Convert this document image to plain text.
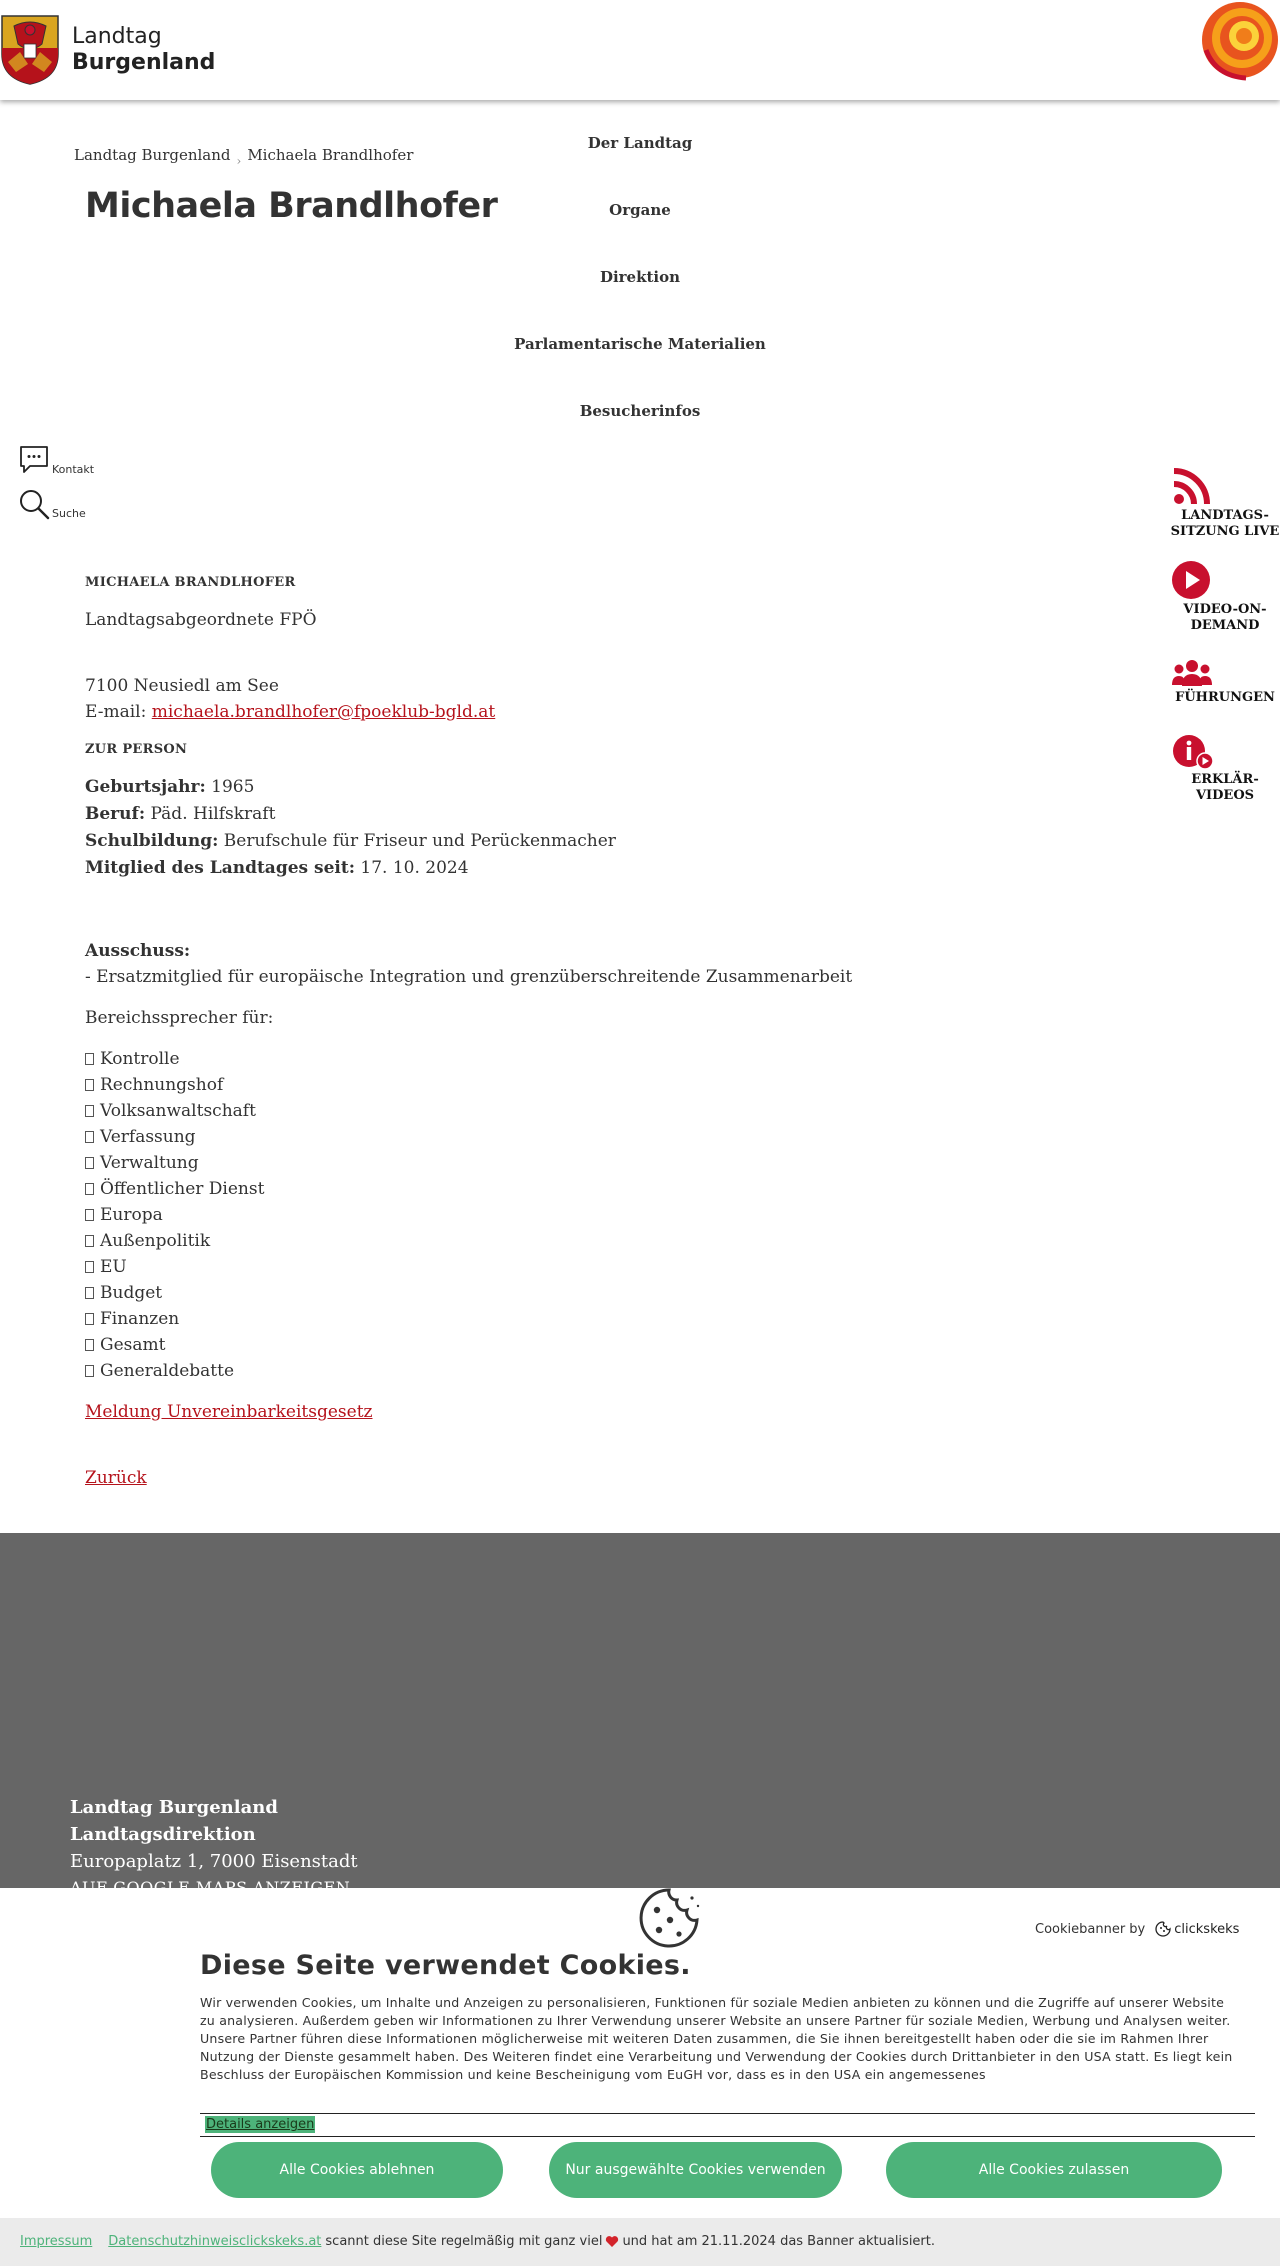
Landtag
Burgenland
Landtag Burgenland › Michaela Brandlhofer
Michaela Brandlhofer
Der Landtag
Organe
Direktion
Parlamentarische Materialien
Besucherinfos
Kontakt
Suche	LANDTAGS-
SITZUNG LIVE
VIDEO-ON-
DEMAND
FÜHRUNGEN
ERKLÄR-
VIDEOS
MICHAELA BRANDLHOFER
Landtagsabgeordnete FPÖ
7100 Neusiedl am See
E-mail: michaela.brandlhofer@fpoeklub-bgld.at
ZUR PERSON
Geburtsjahr: 1965
Beruf: Päd. Hilfskraft
Schulbildung: Berufschule für Friseur und Perückenmacher
Mitglied des Landtages seit: 17. 10. 2024
Ausschuss:
- Ersatzmitglied für europäische Integration und grenzüberschreitende Zusammenarbeit
Bereichssprecher für:
Kontrolle
Rechnungshof
Volksanwaltschaft
Verfassung
Verwaltung
Öffentlicher Dienst
Europa
Außenpolitik
EU
Budget
Finanzen
Gesamt
Generaldebatte
Meldung Unvereinbarkeitsgesetz
Zurück
Landtag Burgenland
Landtagsdirektion
Europaplatz 1, 7000 Eisenstadt
Cookiebanner by clickskeks
Diese Seite verwendet Cookies.
Wir verwenden Cookies, um Inhalte und Anzeigen zu personalisieren, Funktionen für soziale Medien anbieten zu können und die Zugriffe auf unserer Website zu analysieren. Außerdem geben wir Informationen zu Ihrer Verwendung unserer Website an unsere Partner für soziale Medien, Werbung und Analysen weiter. Unsere Partner führen diese Informationen möglicherweise mit weiteren Daten zusammen, die Sie ihnen bereitgestellt haben oder die sie im Rahmen Ihrer Nutzung der Dienste gesammelt haben. Des Weiteren findet eine Verarbeitung und Verwendung der Cookies durch Drittanbieter in den USA statt. Es liegt kein Beschluss der Europäischen Kommission und keine Bescheinigung vom EuGH vor, dass es in den USA ein angemessenes
Details anzeigen
Alle Cookies ablehnen	Nur ausgewählte Cookies verwenden	Alle Cookies zulassen
Impressum Datenschutzhinweis clickskeks.at scannt diese Site regelmäßig mit ganz viel und hat am 21.11.2024 das Banner aktualisiert.
